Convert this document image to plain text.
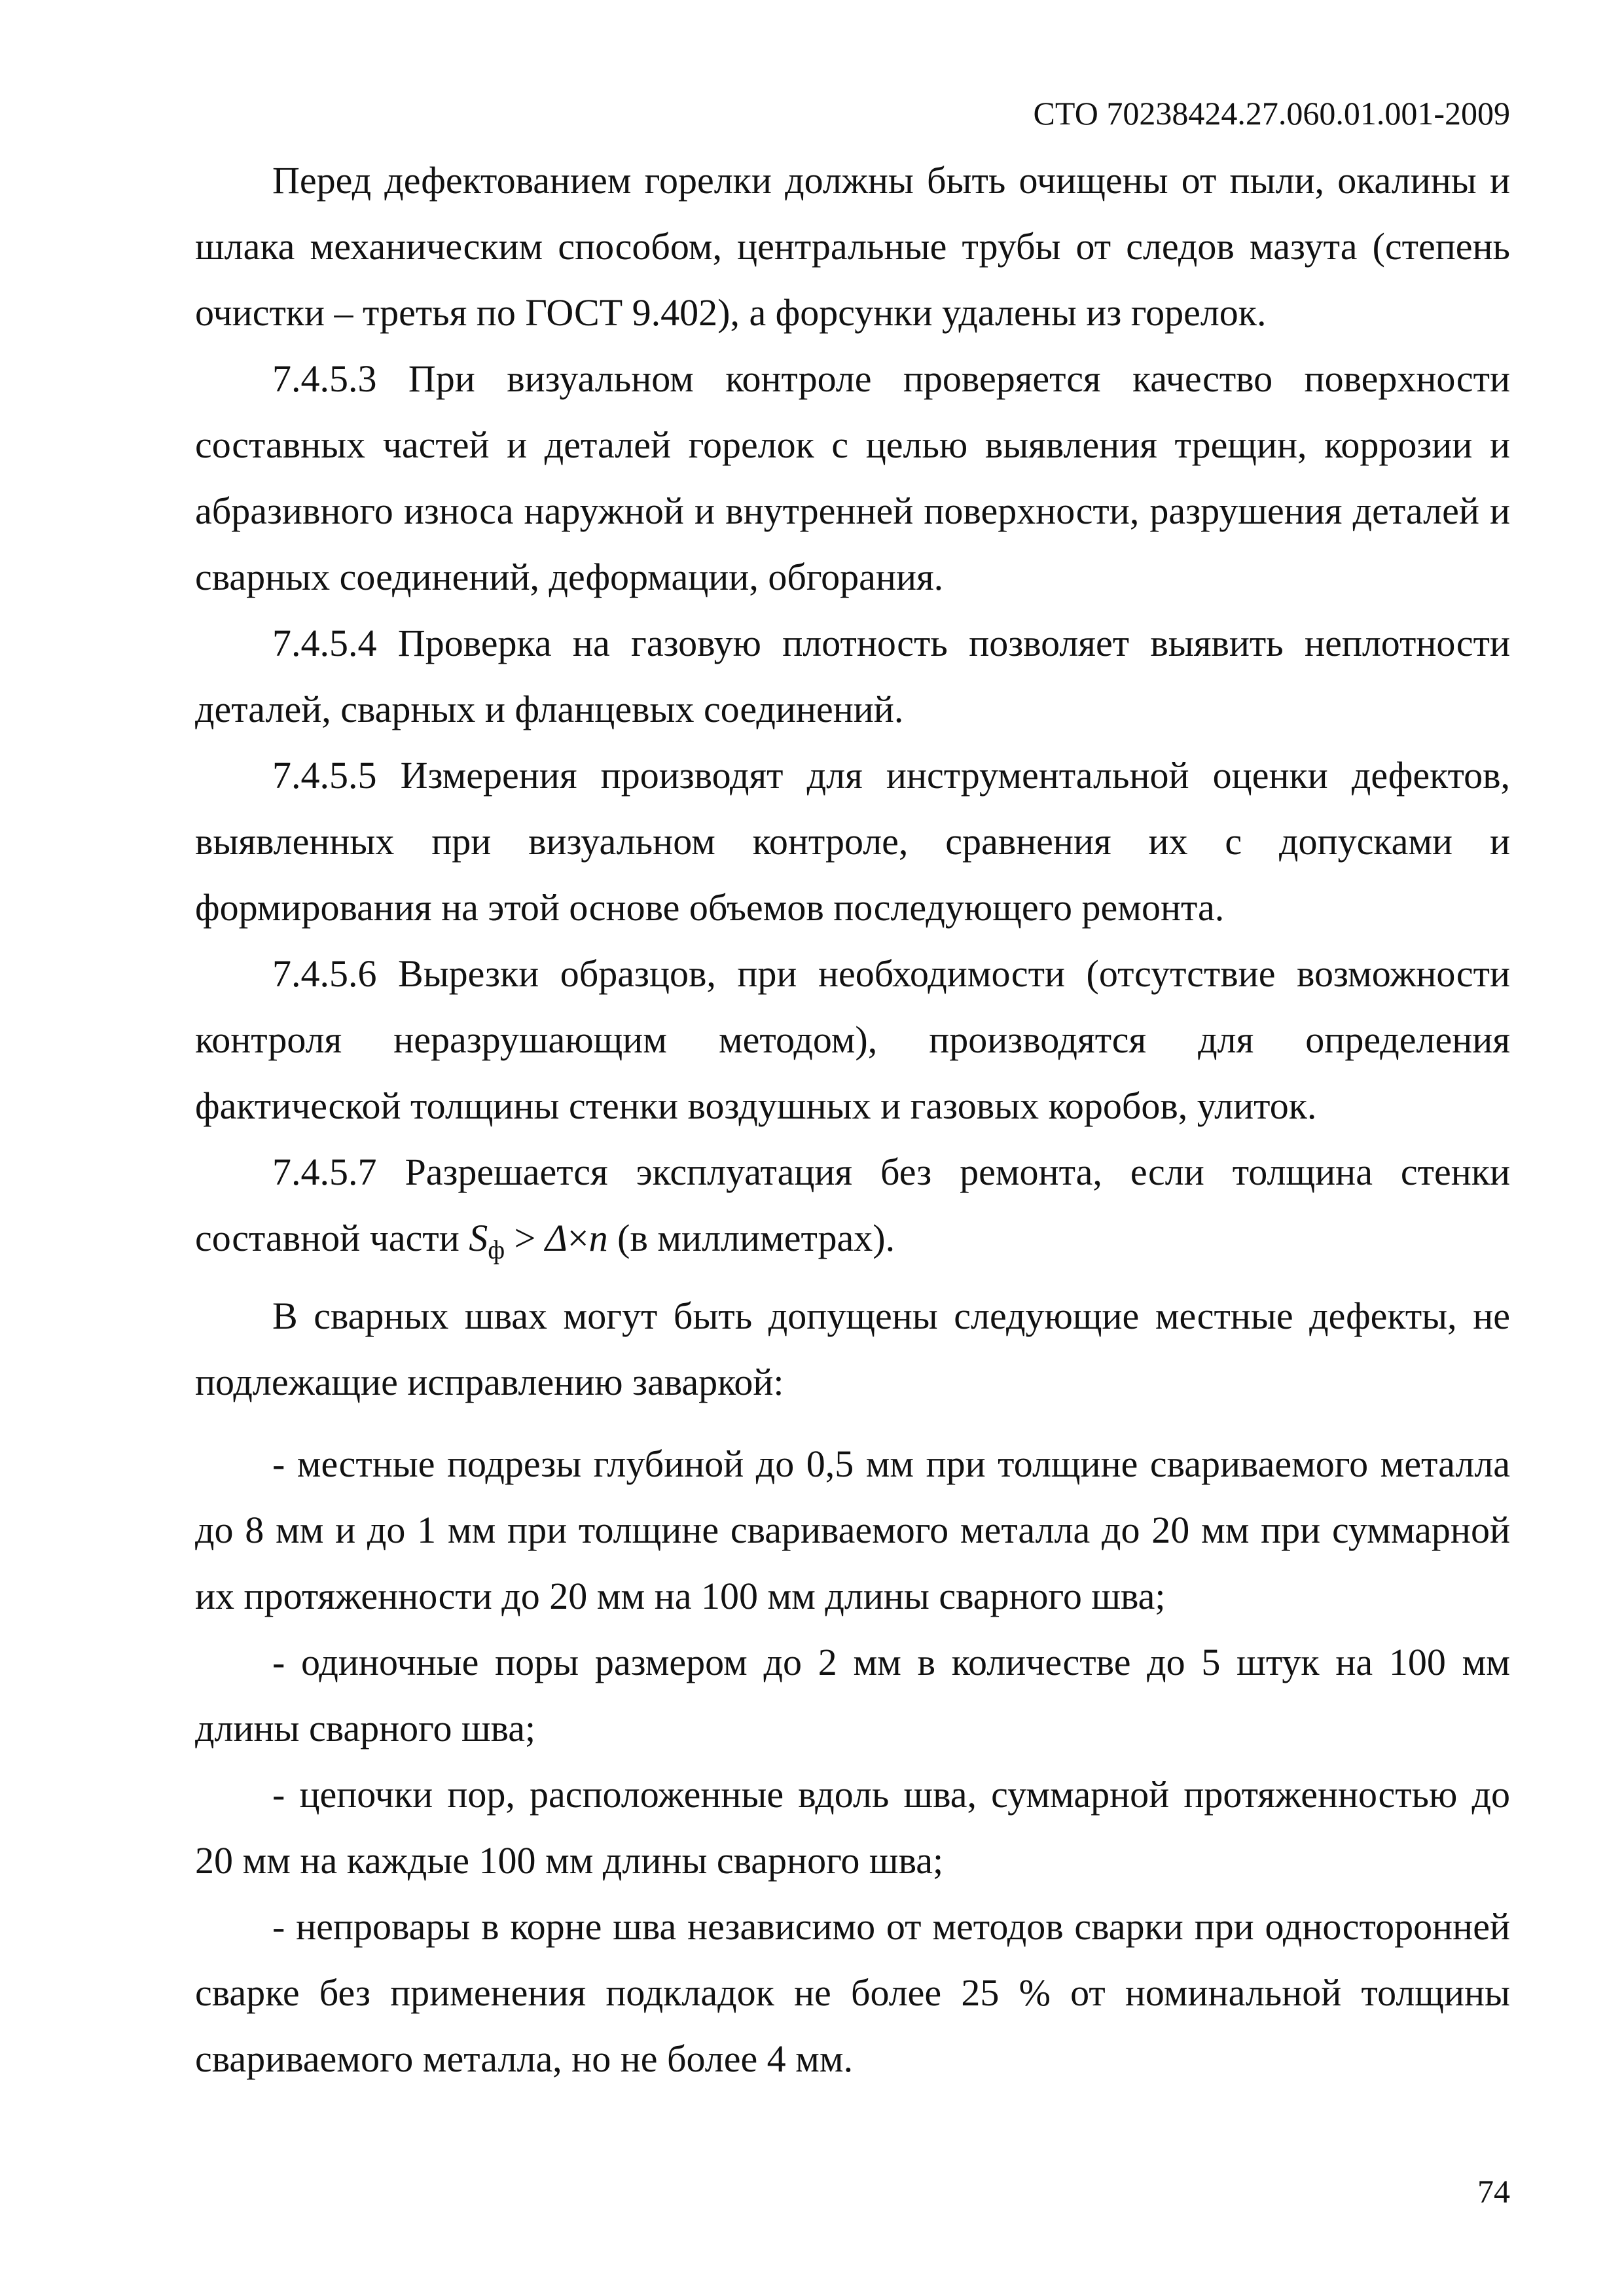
СТО 70238424.27.060.01.001-2009

Перед дефектованием горелки должны быть очищены от пыли, окалины и шлака механическим способом, центральные трубы от следов мазута (степень очистки – третья по ГОСТ 9.402), а форсунки удалены из горелок.

7.4.5.3 При визуальном контроле проверяется качество поверхности составных частей и деталей горелок с целью выявления трещин, коррозии и абразивного износа наружной и внутренней поверхности, разрушения деталей и сварных соединений, деформации, обгорания.

7.4.5.4 Проверка на газовую плотность позволяет выявить неплотности деталей, сварных и фланцевых соединений.

7.4.5.5 Измерения производят для инструментальной оценки дефектов, выявленных при визуальном контроле, сравнения их с допусками и формирования на этой основе объемов последующего ремонта.

7.4.5.6 Вырезки образцов, при необходимости (отсутствие возможности контроля неразрушающим методом), производятся для определения фактической толщины стенки воздушных и газовых коробов, улиток.

7.4.5.7 Разрешается эксплуатация без ремонта, если толщина стенки составной части $S_ф > \Delta\times n$ (в миллиметрах).

В сварных швах могут быть допущены следующие местные дефекты, не подлежащие исправлению заваркой:

- местные подрезы глубиной до 0,5 мм при толщине свариваемого металла до 8 мм и до 1 мм при толщине свариваемого металла до 20 мм при суммарной их протяженности до 20 мм на 100 мм длины сварного шва;

- одиночные поры размером до 2 мм в количестве до 5 штук на 100 мм длины сварного шва;

- цепочки пор, расположенные вдоль шва, суммарной протяженностью до 20 мм на каждые 100 мм длины сварного шва;

- непровары в корне шва независимо от методов сварки при односторонней сварке без применения подкладок не более 25 % от номинальной толщины свариваемого металла, но не более 4 мм.

74
